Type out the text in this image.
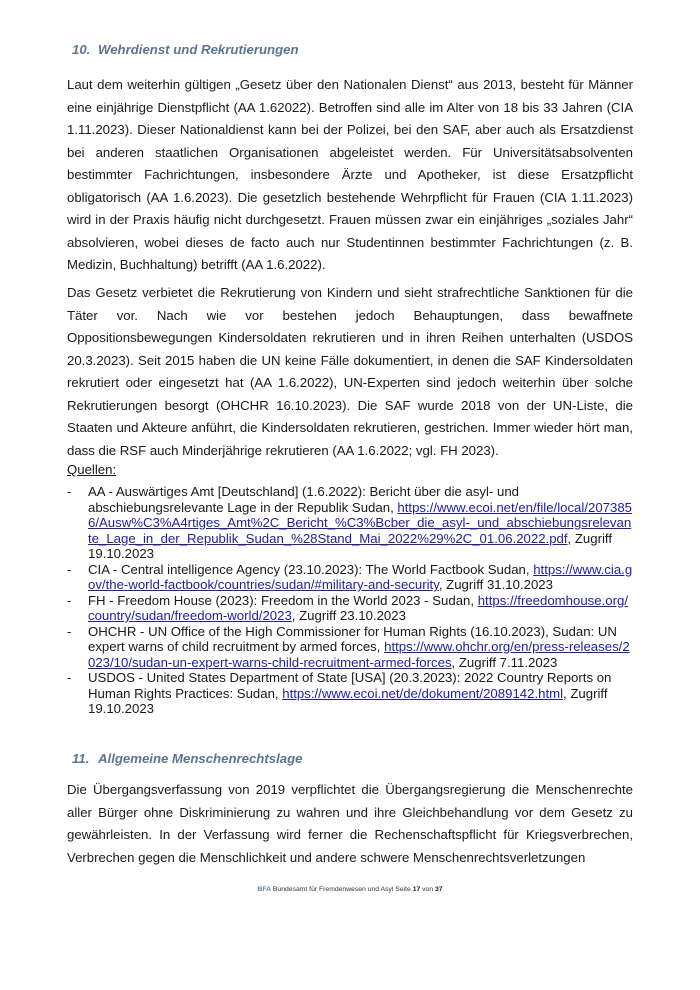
10. Wehrdienst und Rekrutierungen

Laut dem weiterhin gültigen „Gesetz über den Nationalen Dienst“ aus 2013, besteht für Männer eine einjährige Dienstpflicht (AA 1.62022). Betroffen sind alle im Alter von 18 bis 33 Jahren (CIA 1.11.2023). Dieser Nationaldienst kann bei der Polizei, bei den SAF, aber auch als Ersatzdienst bei anderen staatlichen Organisationen abgeleistet werden. Für Universitätsabsolventen bestimmter Fachrichtungen, insbesondere Ärzte und Apotheker, ist diese Ersatzpflicht obligatorisch (AA 1.6.2023). Die gesetzlich bestehende Wehrpflicht für Frauen (CIA 1.11.2023) wird in der Praxis häufig nicht durchgesetzt. Frauen müssen zwar ein einjähriges „soziales Jahr“ absolvieren, wobei dieses de facto auch nur Studentinnen bestimmter Fachrichtungen (z. B. Medizin, Buchhaltung) betrifft (AA 1.6.2022).

Das Gesetz verbietet die Rekrutierung von Kindern und sieht strafrechtliche Sanktionen für die Täter vor. Nach wie vor bestehen jedoch Behauptungen, dass bewaffnete Oppositionsbewegungen Kindersoldaten rekrutieren und in ihren Reihen unterhalten (USDOS 20.3.2023). Seit 2015 haben die UN keine Fälle dokumentiert, in denen die SAF Kindersoldaten rekrutiert oder eingesetzt hat (AA 1.6.2022), UN-Experten sind jedoch weiterhin über solche Rekrutierungen besorgt (OHCHR 16.10.2023). Die SAF wurde 2018 von der UN-Liste, die Staaten und Akteure anführt, die Kindersoldaten rekrutieren, gestrichen. Immer wieder hört man, dass die RSF auch Minderjährige rekrutieren (AA 1.6.2022; vgl. FH 2023).

Quellen:

- AA - Auswärtiges Amt [Deutschland] (1.6.2022): Bericht über die asyl- und abschiebungsrelevante Lage in der Republik Sudan, https://www.ecoi.net/en/file/local/2073856/Ausw%C3%A4rtiges_Amt%2C_Bericht_%C3%Bcber_die_asyl-_und_abschiebungsrelevante_Lage_in_der_Republik_Sudan_%28Stand_Mai_2022%29%2C_01.06.2022.pdf, Zugriff 19.10.2023
- CIA - Central intelligence Agency (23.10.2023): The World Factbook Sudan, https://www.cia.gov/the-world-factbook/countries/sudan/#military-and-security, Zugriff 31.10.2023
- FH - Freedom House (2023): Freedom in the World 2023 - Sudan, https://freedomhouse.org/country/sudan/freedom-world/2023, Zugriff 23.10.2023
- OHCHR - UN Office of the High Commissioner for Human Rights (16.10.2023), Sudan: UN expert warns of child recruitment by armed forces, https://www.ohchr.org/en/press-releases/2023/10/sudan-un-expert-warns-child-recruitment-armed-forces, Zugriff 7.11.2023
- USDOS - United States Department of State [USA] (20.3.2023): 2022 Country Reports on Human Rights Practices: Sudan, https://www.ecoi.net/de/dokument/2089142.html, Zugriff 19.10.2023
11. Allgemeine Menschenrechtslage

Die Übergangsverfassung von 2019 verpflichtet die Übergangsregierung die Menschenrechte aller Bürger ohne Diskriminierung zu wahren und ihre Gleichbehandlung vor dem Gesetz zu gewährleisten. In der Verfassung wird ferner die Rechenschaftspflicht für Kriegsverbrechen, Verbrechen gegen die Menschlichkeit und andere schwere Menschenrechtsverletzungen

BFA Bundesamt für Fremdenwesen und Asyl Seite 17 von 37
